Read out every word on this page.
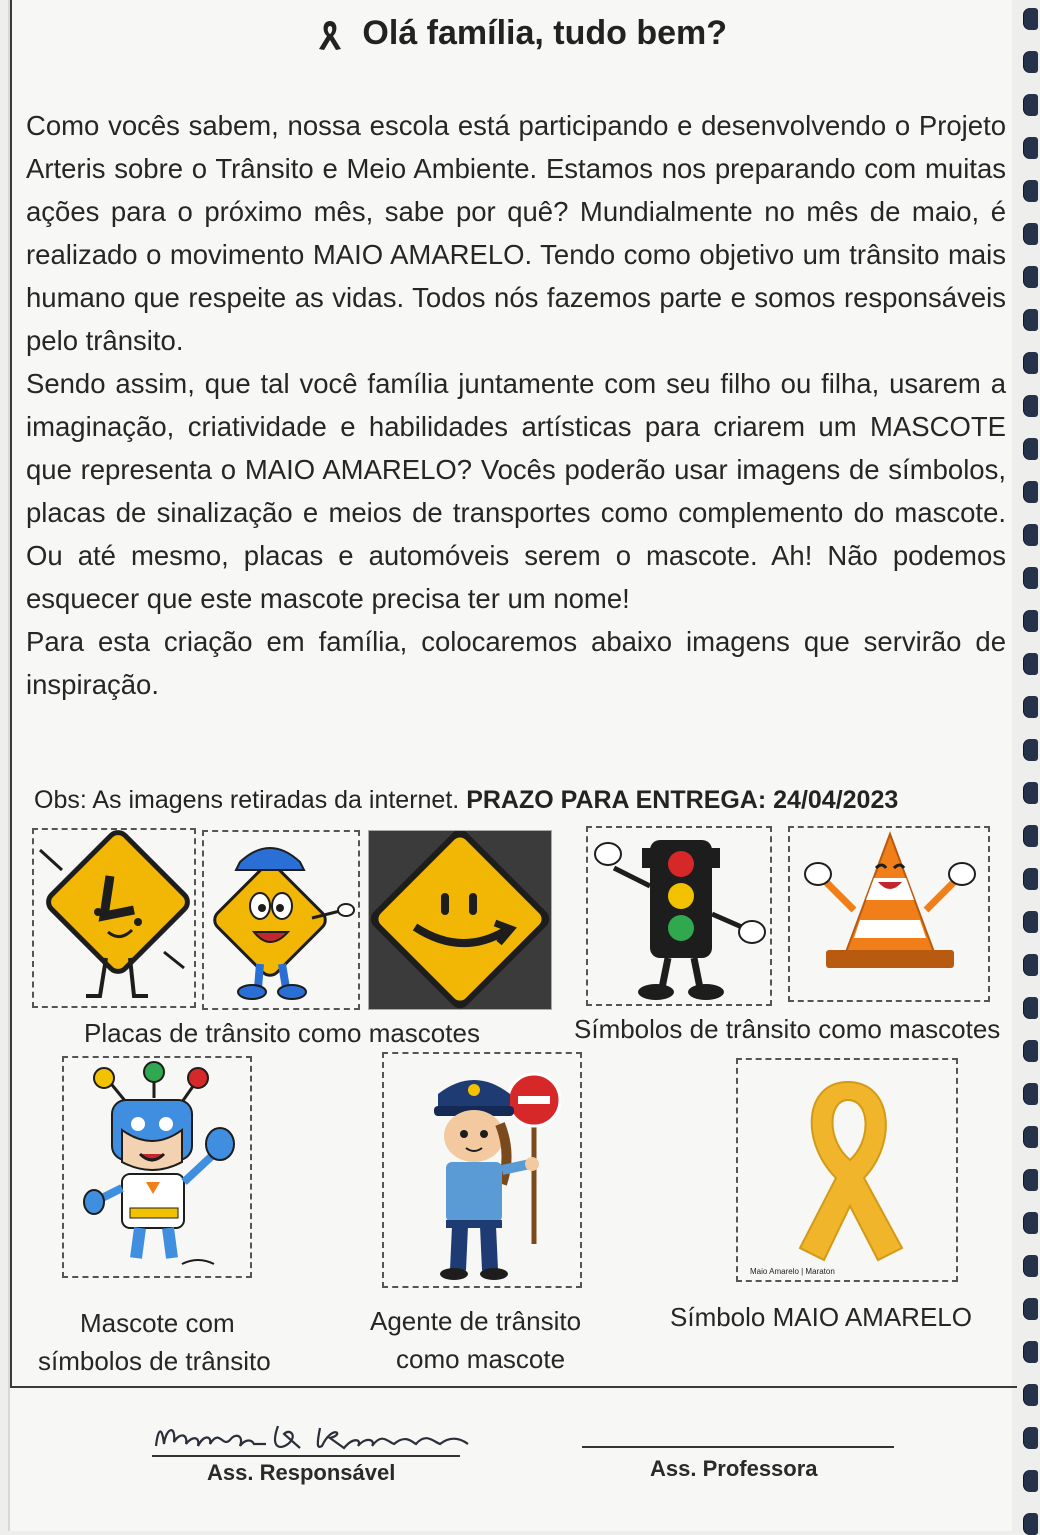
Olá família, tudo bem?

Como vocês sabem, nossa escola está participando e desenvolvendo o Projeto Arteris sobre o Trânsito e Meio Ambiente. Estamos nos preparando com muitas ações para o próximo mês, sabe por quê? Mundialmente no mês de maio, é realizado o movimento MAIO AMARELO. Tendo como objetivo um trânsito mais humano que respeite as vidas. Todos nós fazemos parte e somos responsáveis pelo trânsito.

Sendo assim, que tal você família juntamente com seu filho ou filha, usarem a imaginação, criatividade e habilidades artísticas para criarem um MASCOTE que representa o MAIO AMARELO? Vocês poderão usar imagens de símbolos, placas de sinalização e meios de transportes como complemento do mascote. Ou até mesmo, placas e automóveis serem o mascote. Ah! Não podemos esquecer que este mascote precisa ter um nome!

Para esta criação em família, colocaremos abaixo imagens que servirão de inspiração.

Obs: As imagens retiradas da internet. PRAZO PARA ENTREGA: 24/04/2023
Placas de trânsito como mascotes	Símbolos de trânsito como mascotes
Maio Amarelo | Maraton
Mascote com
símbolos de trânsito
Agente de trânsito
como mascote
Símbolo MAIO AMARELO
Ass. Responsável	Ass. Professora
